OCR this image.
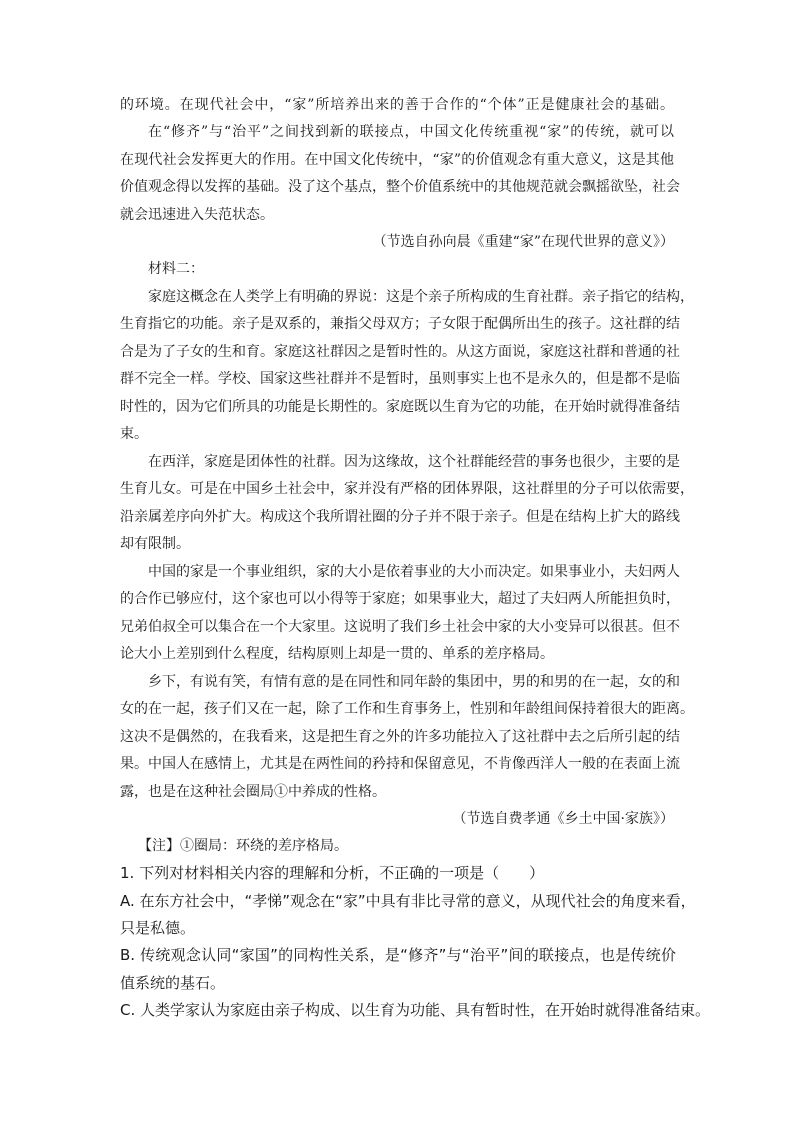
的环境。在现代社会中，“家”所培养出来的善于合作的“个体”正是健康社会的基础。
在“修齐”与“治平”之间找到新的联接点，中国文化传统重视“家”的传统，就可以
在现代社会发挥更大的作用。在中国文化传统中，“家”的价值观念有重大意义，这是其他
价值观念得以发挥的基础。没了这个基点，整个价值系统中的其他规范就会飘摇欲坠，社会
就会迅速进入失范状态。
（节选自孙向晨《重建“家”在现代世界的意义》）
材料二：
家庭这概念在人类学上有明确的界说：这是个亲子所构成的生育社群。亲子指它的结构，
生育指它的功能。亲子是双系的，兼指父母双方；子女限于配偶所出生的孩子。这社群的结
合是为了子女的生和育。家庭这社群因之是暂时性的。从这方面说，家庭这社群和普通的社
群不完全一样。学校、国家这些社群并不是暂时，虽则事实上也不是永久的，但是都不是临
时性的，因为它们所具的功能是长期性的。家庭既以生育为它的功能，在开始时就得准备结
束。
在西洋，家庭是团体性的社群。因为这缘故，这个社群能经营的事务也很少，主要的是
生育儿女。可是在中国乡土社会中，家并没有严格的团体界限，这社群里的分子可以依需要，
沿亲属差序向外扩大。构成这个我所谓社圈的分子并不限于亲子。但是在结构上扩大的路线
却有限制。
中国的家是一个事业组织，家的大小是依着事业的大小而决定。如果事业小，夫妇两人
的合作已够应付，这个家也可以小得等于家庭；如果事业大，超过了夫妇两人所能担负时，
兄弟伯叔全可以集合在一个大家里。这说明了我们乡土社会中家的大小变异可以很甚。但不
论大小上差别到什么程度，结构原则上却是一贯的、单系的差序格局。
乡下，有说有笑，有情有意的是在同性和同年龄的集团中，男的和男的在一起，女的和
女的在一起，孩子们又在一起，除了工作和生育事务上，性别和年龄组间保持着很大的距离。
这决不是偶然的，在我看来，这是把生育之外的许多功能拉入了这社群中去之后所引起的结
果。中国人在感情上，尤其是在两性间的矜持和保留意见，不肯像西洋人一般的在表面上流
露，也是在这种社会圈局①中养成的性格。
（节选自费孝通《乡土中国·家族》）
【注】①圈局：环绕的差序格局。
1. 下列对材料相关内容的理解和分析，不正确的一项是（　　）
A. 在东方社会中，“孝悌”观念在“家”中具有非比寻常的意义，从现代社会的角度来看，
只是私德。
B. 传统观念认同“家国”的同构性关系，是“修齐”与“治平”间的联接点，也是传统价
值系统的基石。
C. 人类学家认为家庭由亲子构成、以生育为功能、具有暂时性，在开始时就得准备结束。
